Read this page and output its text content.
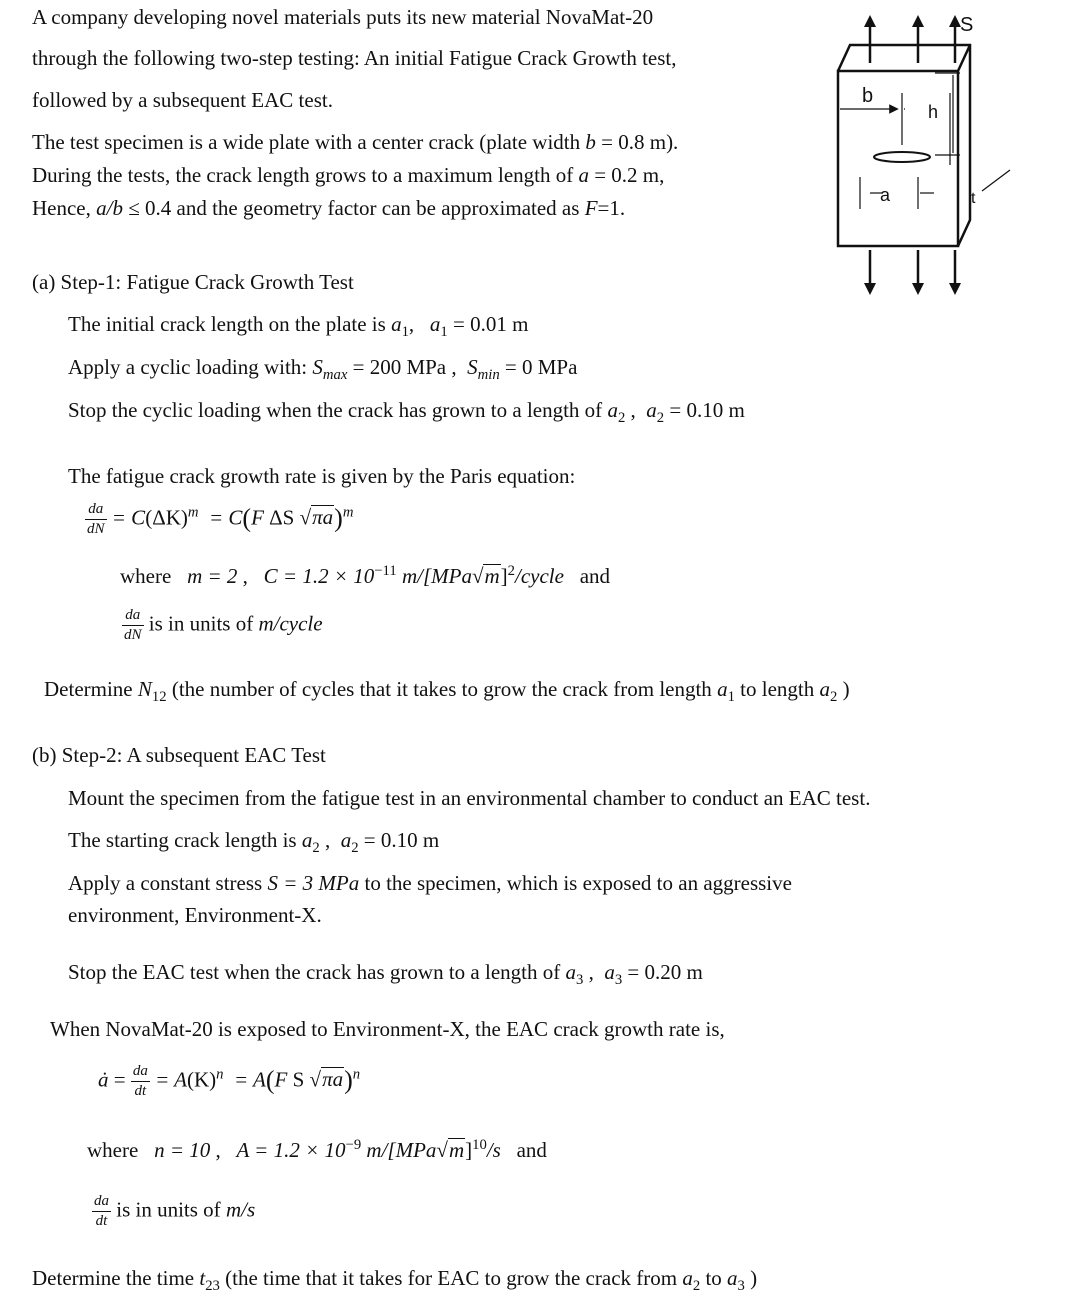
A company developing novel materials puts its new material NovaMat-20
through the following two-step testing: An initial Fatigue Crack Growth test,
followed by a subsequent EAC test.
The test specimen is a wide plate with a center crack (plate width b = 0.8 m).
During the tests, the crack length grows to a maximum length of a = 0.2 m,
Hence, a/b ≤ 0.4 and the geometry factor can be approximated as F=1.
b
h
S
a	t
(a) Step-1: Fatigue Crack Growth Test
The initial crack length on the plate is $a_1$,   $a_1 = 0.01$ m
Apply a cyclic loading with: $S_{max} = 200$ MPa , $S_{min} = 0$ MPa
Stop the cyclic loading when the crack has grown to a length of $a_2$ ,  $a_2 = 0.10$ m
The fatigue crack growth rate is given by the Paris equation:
$\frac{da}{dN} = C(\Delta K)^m = C(F$ ΔS √πa)$^m$
where m = 2 ,   $C = 1.2 \times 10^{-11}$ $m/[MPa√m]^2$/cycle and
$\frac{da}{dN}$ is in units of m/cycle
Determine $N_{12}$ (the number of cycles that it takes to grow the crack from length $a_1$ to length $a_2$ )
(b) Step-2: A subsequent EAC Test
Mount the specimen from the fatigue test in an environmental chamber to conduct an EAC test.
The starting crack length is $a_2$ ,  $a_2 = 0.10$ m
Apply a constant stress S = 3 MPa to the specimen, which is exposed to an aggressive
environment, Environment-X.
Stop the EAC test when the crack has grown to a length of $a_3$ ,  $a_3 = 0.20$ m
When NovaMat-20 is exposed to Environment-X, the EAC crack growth rate is,
ȧ = $\frac{da}{dt} = A(K)^n = A(F$ S √πa)$^n$
where n = 10 ,   $A = 1.2 \times 10^{-9}$ $m/[MPa√m]^{10}/s$ and
$\frac{da}{dt}$ is in units of m/s
Determine the time $t_{23}$ (the time that it takes for EAC to grow the crack from $a_2$ to $a_3$ )
